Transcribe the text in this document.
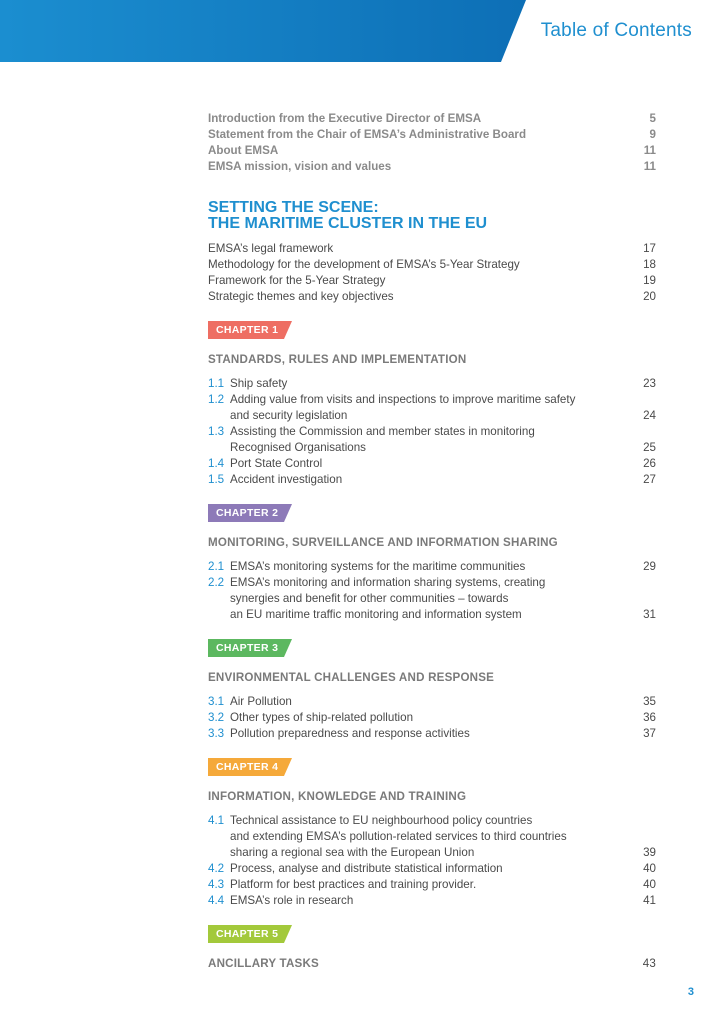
Table of Contents
Introduction from the Executive Director of EMSA	5
Statement from the Chair of EMSA’s Administrative Board	9
About EMSA	11
EMSA mission, vision and values	11
SETTING THE SCENE:
THE MARITIME CLUSTER IN THE EU
EMSA’s legal framework	17
Methodology for the development of EMSA’s 5-Year Strategy	18
Framework for the 5-Year Strategy	19
Strategic themes and key objectives	20
CHAPTER 1
STANDARDS, RULES AND IMPLEMENTATION
1.1 Ship safety	23
1.2 Adding value from visits and inspections to improve maritime safety
and security legislation	24
1.3 Assisting the Commission and member states in monitoring
Recognised Organisations	25
1.4 Port State Control	26
1.5 Accident investigation	27
CHAPTER 2
MONITORING, SURVEILLANCE AND INFORMATION SHARING
2.1 EMSA’s monitoring systems for the maritime communities	29
2.2 EMSA’s monitoring and information sharing systems, creating
synergies and benefit for other communities – towards
an EU maritime traffic monitoring and information system	31
CHAPTER 3
ENVIRONMENTAL CHALLENGES AND RESPONSE
3.1 Air Pollution	35
3.2 Other types of ship-related pollution	36
3.3 Pollution preparedness and response activities	37
CHAPTER 4
INFORMATION, KNOWLEDGE AND TRAINING
4.1 Technical assistance to EU neighbourhood policy countries
and extending EMSA’s pollution-related services to third countries
sharing a regional sea with the European Union	39
4.2 Process, analyse and distribute statistical information	40
4.3 Platform for best practices and training provider.	40
4.4 EMSA’s role in research	41
CHAPTER 5
ANCILLARY TASKS	43
3
